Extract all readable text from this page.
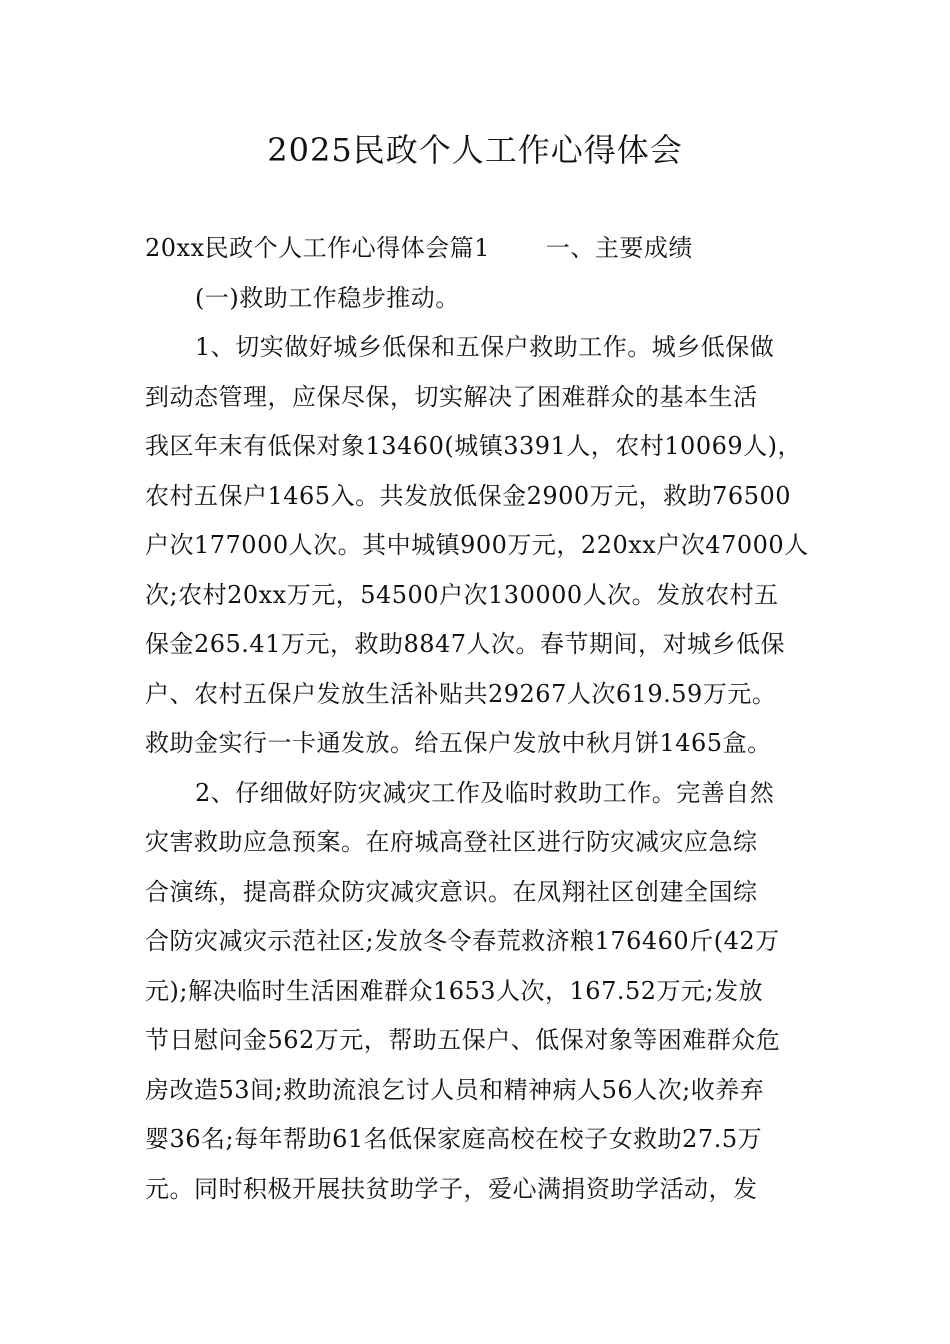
2025民政个人工作心得体会
20xx民政个人工作心得体会篇1 一、主要成绩
(一)救助工作稳步推动。
1、切实做好城乡低保和五保户救助工作。城乡低保做
到动态管理，应保尽保，切实解决了困难群众的基本生活
我区年末有低保对象13460(城镇3391人，农村10069人)，
农村五保户1465入。共发放低保金2900万元，救助76500
户次177000人次。其中城镇900万元，220xx户次47000人
次;农村20xx万元，54500户次130000人次。发放农村五
保金265.41万元，救助8847人次。春节期间，对城乡低保
户、农村五保户发放生活补贴共29267人次619.59万元。
救助金实行一卡通发放。给五保户发放中秋月饼1465盒。
2、仔细做好防灾减灾工作及临时救助工作。完善自然
灾害救助应急预案。在府城高登社区进行防灾减灾应急综
合演练，提高群众防灾减灾意识。在凤翔社区创建全国综
合防灾减灾示范社区;发放冬令春荒救济粮176460斤(42万
元);解决临时生活困难群众1653人次，167.52万元;发放
节日慰问金562万元，帮助五保户、低保对象等困难群众危
房改造53间;救助流浪乞讨人员和精神病人56人次;收养弃
婴36名;每年帮助61名低保家庭高校在校子女救助27.5万
元。同时积极开展扶贫助学子，爱心满捐资助学活动，发
